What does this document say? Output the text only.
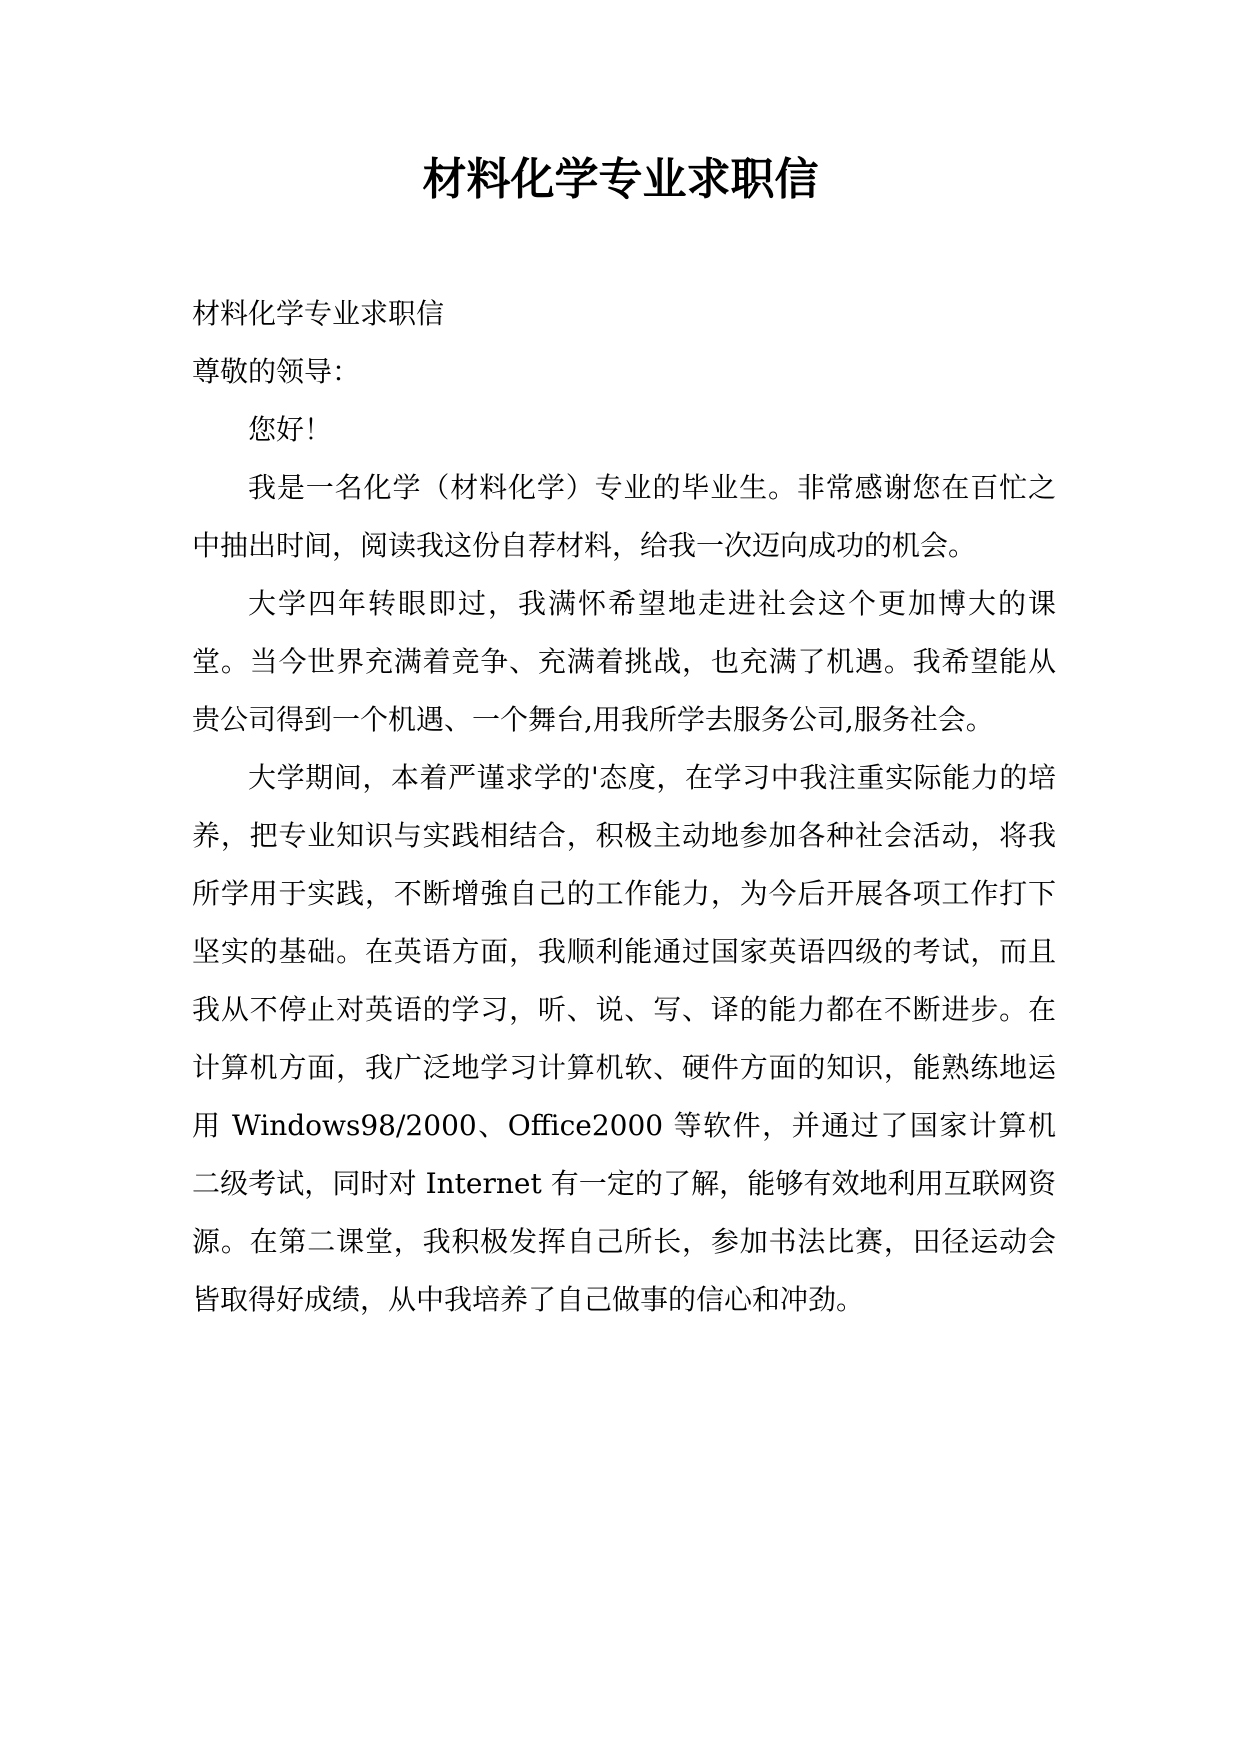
材料化学专业求职信

材料化学专业求职信

尊敬的领导：

您好！

我是一名化学（材料化学）专业的毕业生。非常感谢您在百忙之中抽出时间，阅读我这份自荐材料，给我一次迈向成功的机会。

大学四年转眼即过，我满怀希望地走进社会这个更加博大的课堂。当今世界充满着竞争、充满着挑战，也充满了机遇。我希望能从贵公司得到一个机遇、一个舞台,用我所学去服务公司,服务社会。

大学期间，本着严谨求学的'态度，在学习中我注重实际能力的培养，把专业知识与实践相结合，积极主动地参加各种社会活动，将我所学用于实践，不断增強自己的工作能力，为今后开展各项工作打下坚实的基础。在英语方面，我顺利能通过国家英语四级的考试，而且我从不停止对英语的学习，听、说、写、译的能力都在不断进步。在计算机方面，我广泛地学习计算机软、硬件方面的知识，能熟练地运用 Windows98/2000、Office2000 等软件，并通过了国家计算机二级考试，同时对 Internet 有一定的了解，能够有效地利用互联网资源。在第二课堂，我积极发挥自己所长，参加书法比赛，田径运动会皆取得好成绩，从中我培养了自己做事的信心和冲劲。
